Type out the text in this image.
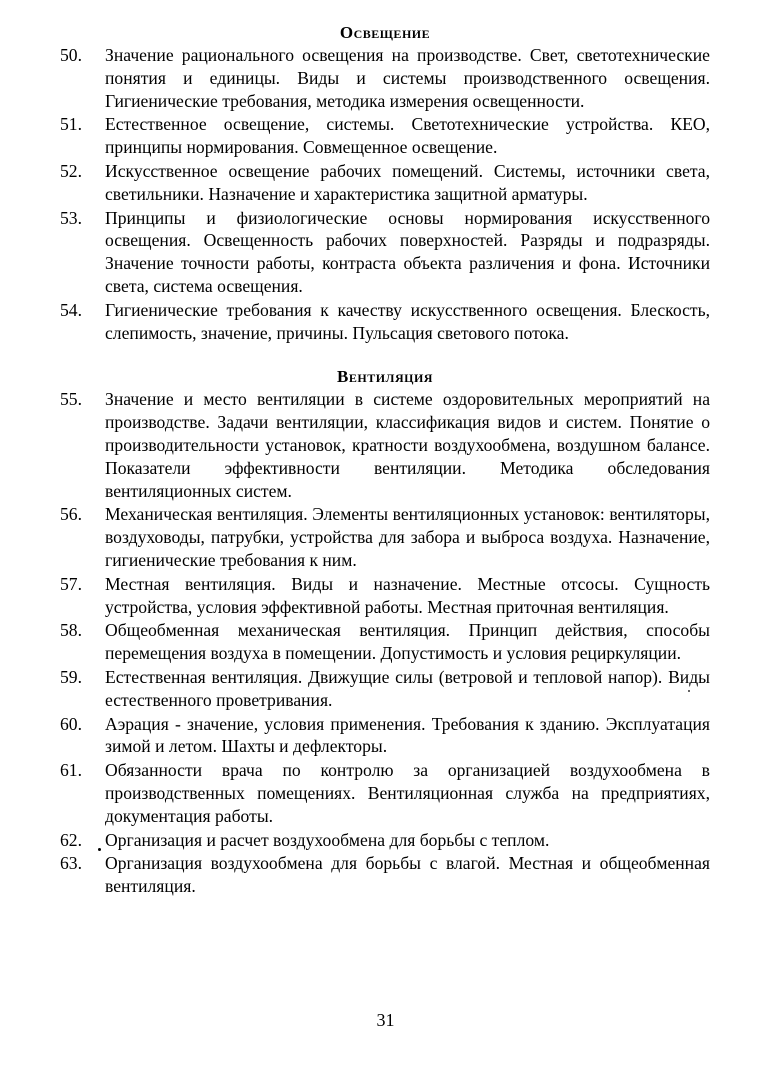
Освещение
50.	Значение рационального освещения на производстве. Свет, светотехнические понятия и единицы. Виды и системы производственного освещения. Гигиенические требования, методика измерения освещенности.
51.	Естественное освещение, системы. Светотехнические устройства. КЕО, принципы нормирования. Совмещенное освещение.
52.	Искусственное освещение рабочих помещений. Системы, источники света, светильники. Назначение и характеристика защитной арматуры.
53.	Принципы и физиологические основы нормирования искусственного освещения. Освещенность рабочих поверхностей. Разряды и подразряды. Значение точности работы, контраста объекта различения и фона. Источники света, система освещения.
54.	Гигиенические требования к качеству искусственного освещения. Блескость, слепимость, значение, причины. Пульсация светового потока.
Вентиляция
55.	Значение и место вентиляции в системе оздоровительных мероприятий на производстве. Задачи вентиляции, классификация видов и систем. Понятие о производительности установок, кратности воздухообмена, воздушном балансе. Показатели эффективности вентиляции. Методика обследования вентиляционных систем.
56.	Механическая вентиляция. Элементы вентиляционных установок: вентиляторы, воздуховоды, патрубки, устройства для забора и выброса воздуха. Назначение, гигиенические требования к ним.
57.	Местная вентиляция. Виды и назначение. Местные отсосы. Сущность устройства, условия эффективной работы. Местная приточная вентиляция.
58.	Общеобменная механическая вентиляция. Принцип действия, способы перемещения воздуха в помещении. Допустимость и условия рециркуляции.
59.	Естественная вентиляция. Движущие силы (ветровой и тепловой напор). Виды естественного проветривания.
60.	Аэрация - значение, условия применения. Требования к зданию. Эксплуатация зимой и летом. Шахты и дефлекторы.
61.	Обязанности врача по контролю за организацией воздухообмена в производственных помещениях. Вентиляционная служба на предприятиях, документация работы.
62.	Организация и расчет воздухообмена для борьбы с теплом.
63.	Организация воздухообмена для борьбы с влагой. Местная и общеобменная вентиляция.
31
